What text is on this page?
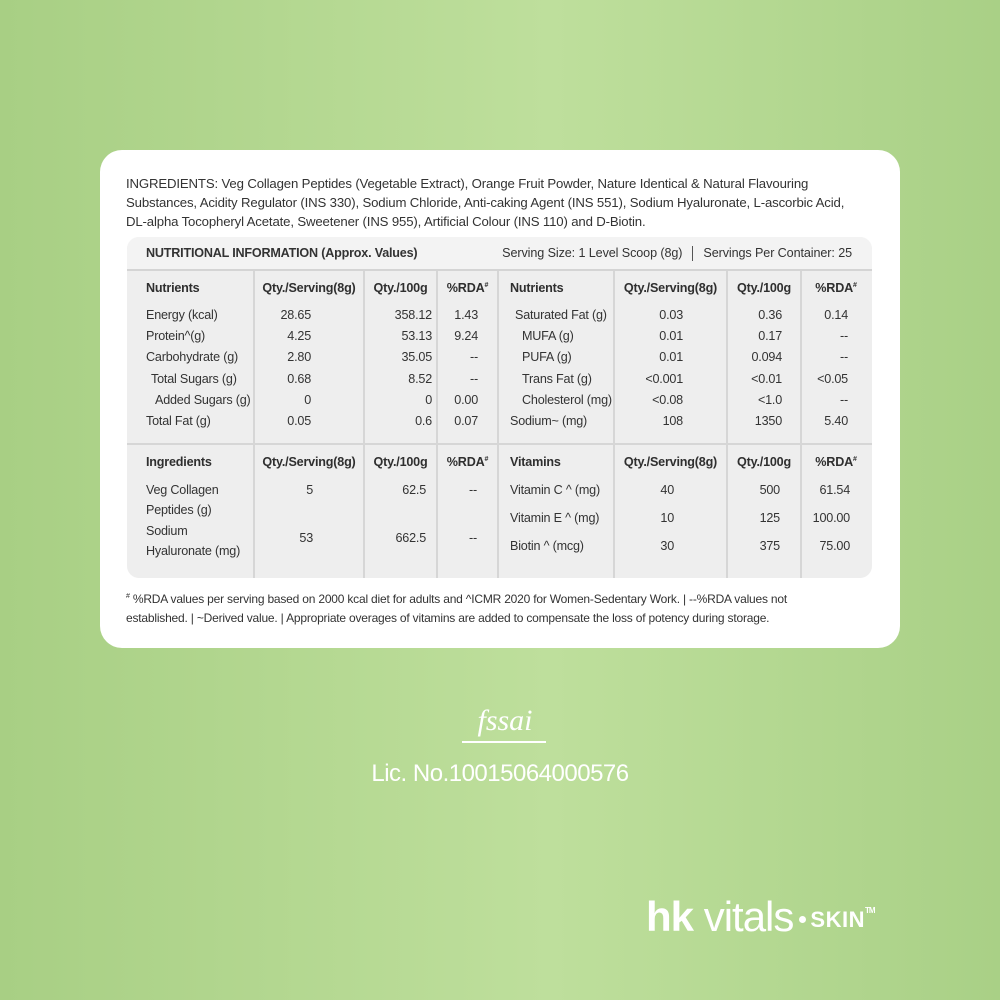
INGREDIENTS: Veg Collagen Peptides (Vegetable Extract), Orange Fruit Powder, Nature Identical & Natural Flavouring Substances, Acidity Regulator (INS 330), Sodium Chloride, Anti-caking Agent (INS 551), Sodium Hyaluronate, L-ascorbic Acid, DL-alpha Tocopheryl Acetate, Sweetener (INS 955), Artificial Colour (INS 110) and D-Biotin.
NUTRITIONAL INFORMATION (Approx. Values)	Serving Size: 1 Level Scoop (8g) Servings Per Container: 25
Nutrients	Qty./Serving(8g)	Qty./100g	%RDA#	Nutrients	Qty./Serving(8g)	Qty./100g	%RDA#
Energy (kcal)	28.65	358.12	1.43
Protein^(g)	4.25	53.13	9.24
Carbohydrate (g)	2.80	35.05	--
Total Sugars (g)	0.68	8.52	--
Added Sugars (g)	0	0	0.00
Total Fat (g)	0.05	0.6	0.07
Saturated Fat (g)	0.03	0.36	0.14
MUFA (g)	0.01	0.17	--
PUFA (g)	0.01	0.094	--
Trans Fat (g)	<0.001	<0.01	<0.05
Cholesterol (mg)	<0.08	<1.0	--
Sodium~ (mg)	108	1350	5.40
Ingredients	Qty./Serving(8g)	Qty./100g	%RDA#	Vitamins	Qty./Serving(8g)	Qty./100g	%RDA#
Veg Collagen
Peptides (g)
5	62.5	--
Sodium
Hyaluronate (mg)
53	662.5	--
Vitamin C ^ (mg)	40	500	61.54
Vitamin E ^ (mg)	10	125	100.00
Biotin ^ (mcg)	30	375	75.00
# %RDA values per serving based on 2000 kcal diet for adults and ^ICMR 2020 for Women-Sedentary Work. | --%RDA values not
established. | ~Derived value. | Appropriate overages of vitamins are added to compensate the loss of potency during storage.
fssai
Lic. No.10015064000576
hk vitals SKIN™
